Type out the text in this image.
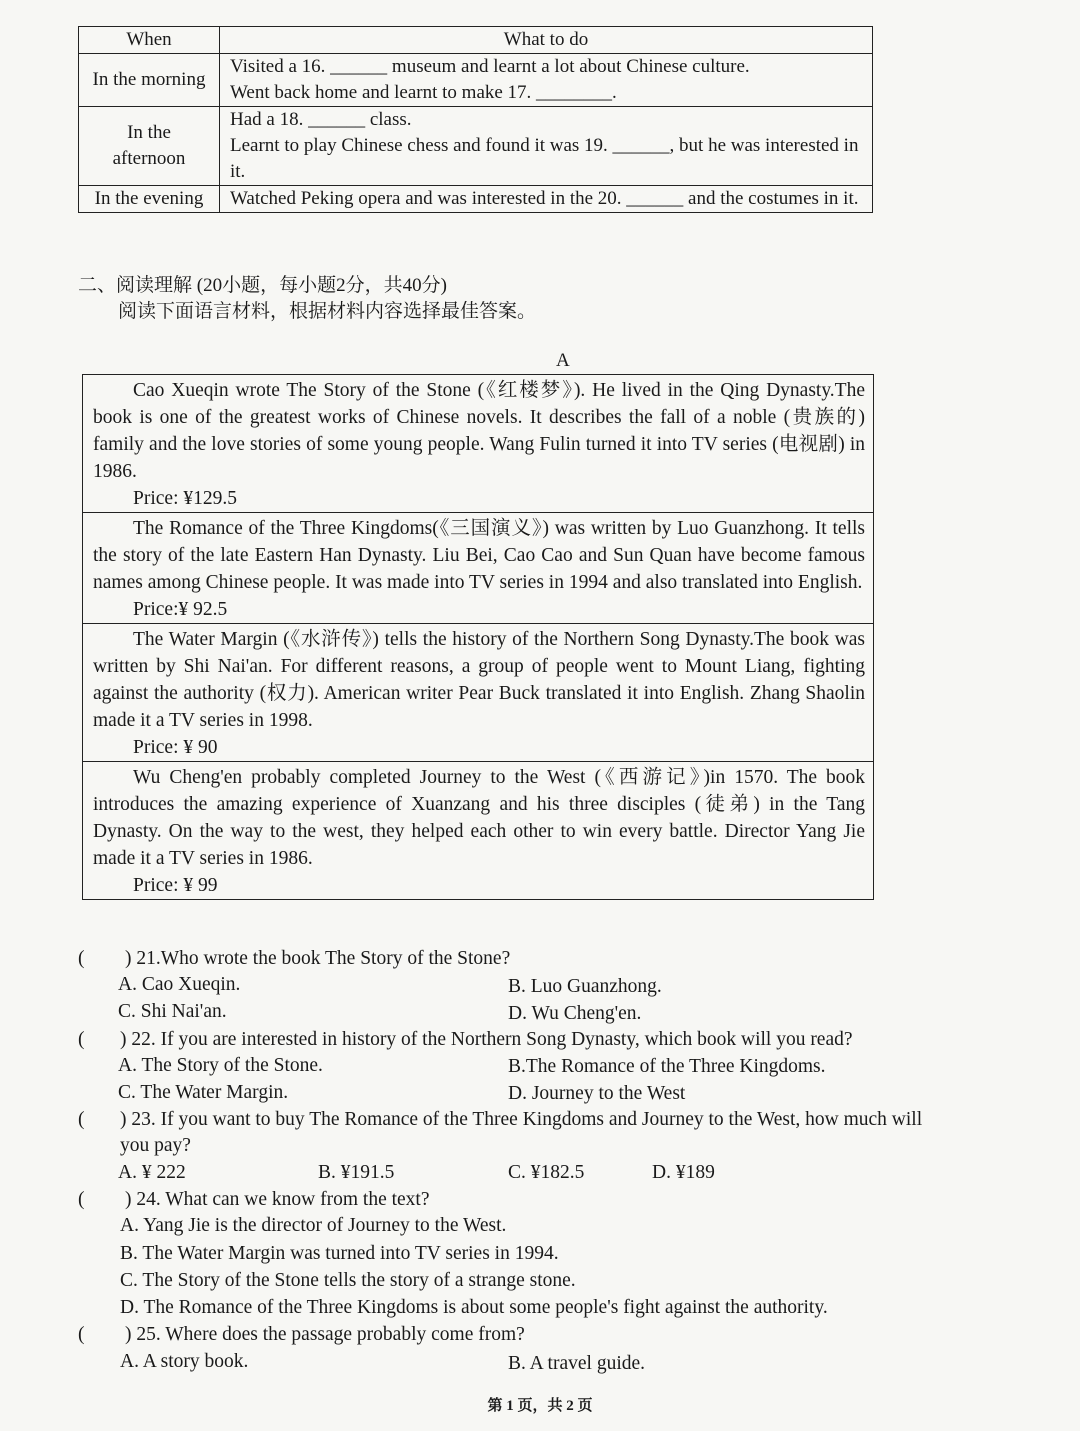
When	What to do
In the morning	Visited a 16. ______ museum and learnt a lot about Chinese culture.
Went back home and learnt to make 17. ________.

In the afternoon	Had a 18. ______ class.
Learnt to play Chinese chess and found it was 19. ______, but he was interested in it.

In the evening	Watched Peking opera and was interested in the 20. ______ and the costumes in it.
二、阅读理解 (20小题，每小题2分，共40分)
阅读下面语言材料，根据材料内容选择最佳答案。
A
Cao Xueqin wrote The Story of the Stone (《红楼梦》). He lived in the Qing Dynasty.The book is one of the greatest works of Chinese novels. It describes the fall of a noble (贵族的) family and the love stories of some young people. Wang Fulin turned it into TV series (电视剧) in 1986.
Price: ¥129.5
The Romance of the Three Kingdoms(《三国演义》) was written by Luo Guanzhong. It tells the story of the late Eastern Han Dynasty. Liu Bei, Cao Cao and Sun Quan have become famous names among Chinese people. It was made into TV series in 1994 and also translated into English.
Price:¥ 92.5
The Water Margin (《水浒传》) tells the history of the Northern Song Dynasty.The book was written by Shi Nai'an. For different reasons, a group of people went to Mount Liang, fighting against the authority (权力). American writer Pear Buck translated it into English. Zhang Shaolin made it a TV series in 1998.
Price: ¥ 90
Wu Cheng'en probably completed Journey to the West (《西游记》)in 1570. The book introduces the amazing experience of Xuanzang and his three disciples (徒弟) in the Tang Dynasty. On the way to the west, they helped each other to win every battle. Director Yang Jie made it a TV series in 1986.
Price: ¥ 99
( ) 21.Who wrote the book The Story of the Stone?
A. Cao Xueqin.	B. Luo Guanzhong.
C. Shi Nai'an.	D. Wu Cheng'en.
( ) 22. If you are interested in history of the Northern Song Dynasty, which book will you read?
A. The Story of the Stone.	B.The Romance of the Three Kingdoms.
C. The Water Margin.	D. Journey to the West
( ) 23. If you want to buy The Romance of the Three Kingdoms and Journey to the West, how much will
you pay?
A. ¥ 222	B. ¥191.5	C. ¥182.5	D. ¥189
( ) 24. What can we know from the text?
A. Yang Jie is the director of Journey to the West.
B. The Water Margin was turned into TV series in 1994.
C. The Story of the Stone tells the story of a strange stone.
D. The Romance of the Three Kingdoms is about some people's fight against the authority.
( ) 25. Where does the passage probably come from?
A. A story book.	B. A travel guide.
第 1 页，共 2 页
